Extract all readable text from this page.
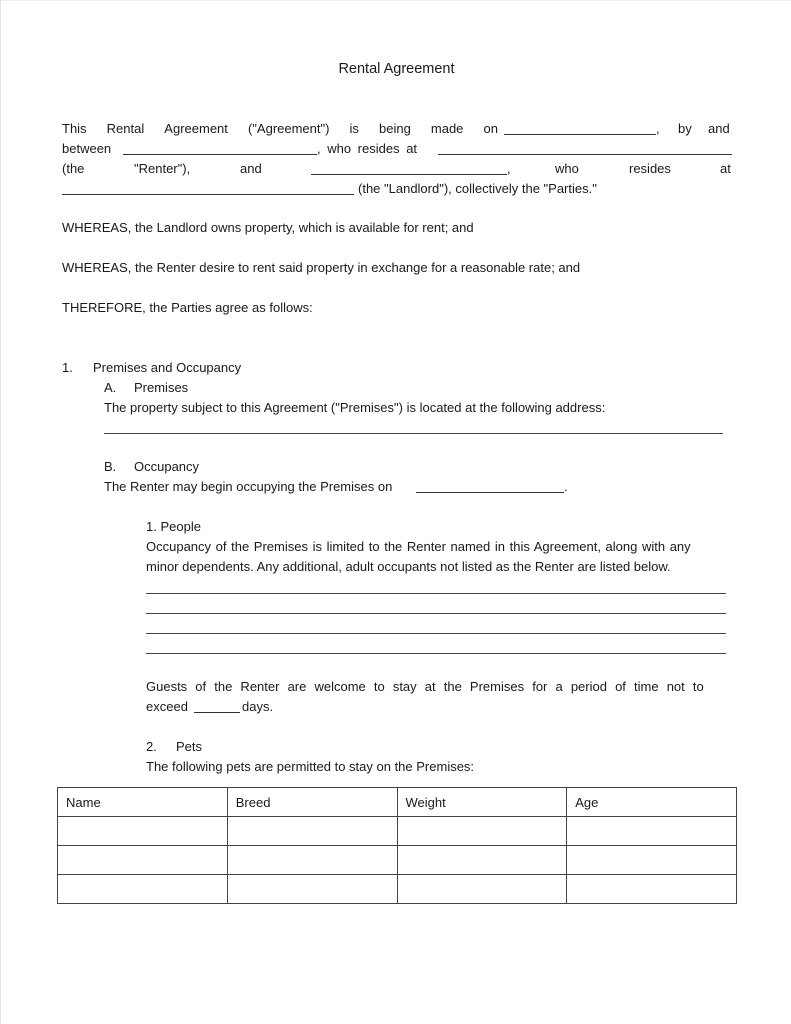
Rental Agreement
This Rental Agreement ("Agreement") is being made on	, by and
between	, who resides at
(the	"Renter"),	and	,	who	resides	at
(the "Landlord"), collectively the "Parties."
WHEREAS, the Landlord owns property, which is available for rent; and
WHEREAS, the Renter desire to rent said property in exchange for a reasonable rate; and
THEREFORE, the Parties agree as follows:
1. Premises and Occupancy
A. Premises
The property subject to this Agreement ("Premises") is located at the following address:
B. Occupancy
The Renter may begin occupying the Premises on	.
1. People
Occupancy of the Premises is limited to the Renter named in this Agreement, along with any
minor dependents. Any additional, adult occupants not listed as the Renter are listed below.
Guests of the Renter are welcome to stay at the Premises for a period of time not to
exceed	days.
2. Pets
The following pets are permitted to stay on the Premises:
Name	Breed	Weight	Age
